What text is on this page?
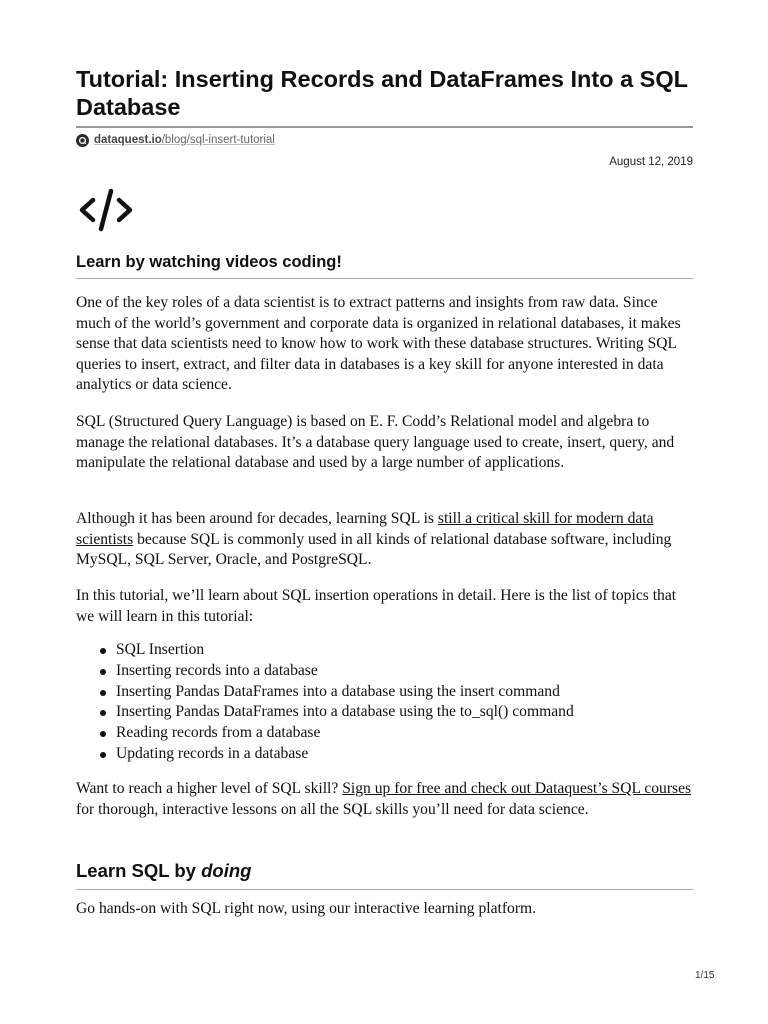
Tutorial: Inserting Records and DataFrames Into a SQL Database
dataquest.io/blog/sql-insert-tutorial
August 12, 2019
Learn by watching videos coding!

One of the key roles of a data scientist is to extract patterns and insights from raw data. Since much of the world’s government and corporate data is organized in relational databases, it makes sense that data scientists need to know how to work with these database structures. Writing SQL queries to insert, extract, and filter data in databases is a key skill for anyone interested in data analytics or data science.

SQL (Structured Query Language) is based on E. F. Codd’s Relational model and algebra to manage the relational databases. It’s a database query language used to create, insert, query, and manipulate the relational database and used by a large number of applications.

Although it has been around for decades, learning SQL is still a critical skill for modern data scientists because SQL is commonly used in all kinds of relational database software, including MySQL, SQL Server, Oracle, and PostgreSQL.

In this tutorial, we’ll learn about SQL insertion operations in detail. Here is the list of topics that we will learn in this tutorial:

SQL Insertion
Inserting records into a database
Inserting Pandas DataFrames into a database using the insert command
Inserting Pandas DataFrames into a database using the to_sql() command
Reading records from a database
Updating records in a database

Want to reach a higher level of SQL skill? Sign up for free and check out Dataquest’s SQL courses for thorough, interactive lessons on all the SQL skills you’ll need for data science.

Learn SQL by doing

Go hands-on with SQL right now, using our interactive learning platform.

1/15
